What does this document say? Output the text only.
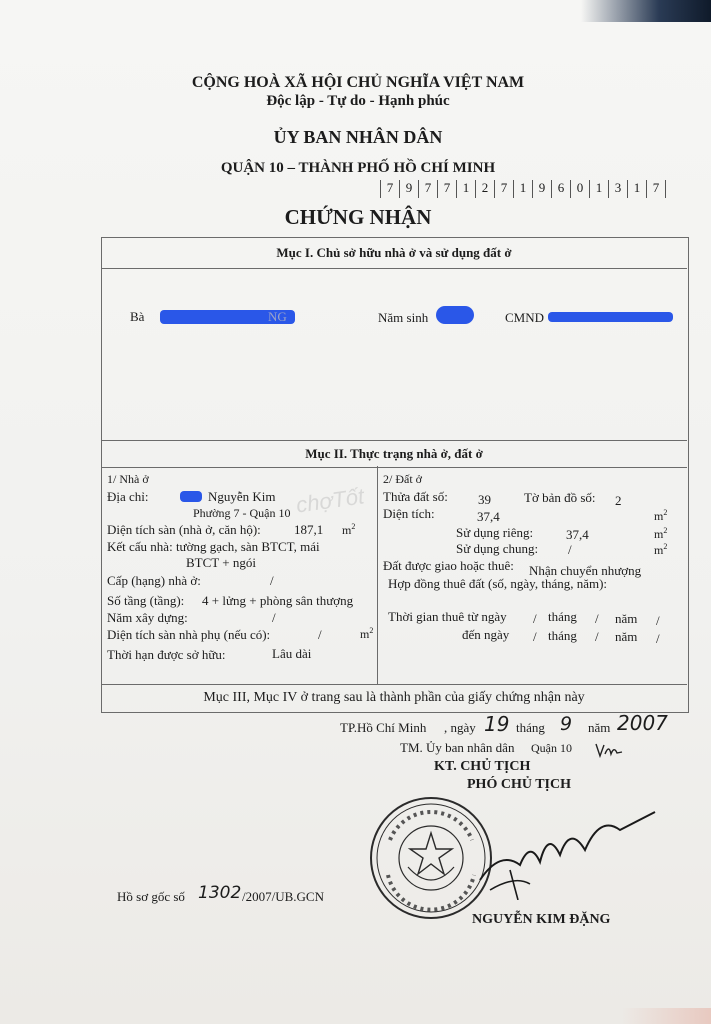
CỘNG HOÀ XÃ HỘI CHỦ NGHĨA VIỆT NAM
Độc lập - Tự do - Hạnh phúc
ỦY BAN NHÂN DÂN
QUẬN 10 – THÀNH PHỐ HỒ CHÍ MINH
7 9 7 7 1 2 7 1 9 6 0 1 3 1 7
CHỨNG NHẬN
Mục I. Chủ sở hữu nhà ở và sử dụng đất ở
Bà	NG	Năm sinh	CMND
Mục II. Thực trạng nhà ở, đất ở
1/ Nhà ở
Địa chỉ:	Nguyễn Kim
Phường 7 - Quận 10
Diện tích sàn (nhà ở, căn hộ):	187,1 $m^2$
Kết cấu nhà: tường gạch, sàn BTCT, mái
BTCT + ngói
Cấp (hạng) nhà ở:	/
Số tầng (tầng): 4 + lửng + phòng sân thượng
Năm xây dựng:	/
Diện tích sàn nhà phụ (nếu có):	/	$m^2$
Thời hạn được sở hữu:	Lâu dài
2/ Đất ở
Thửa đất số: 39	Tờ bản đồ số: 2
Diện tích:	37,4	$m^2$
Sử dụng riêng:	37,4	$m^2$
Sử dụng chung: /	$m^2$
Đất được giao hoặc thuê: Nhận chuyển nhượng
Hợp đồng thuê đất (số, ngày, tháng, năm):
Thời gian thuê từ ngày / tháng / năm /
đến ngày / tháng / năm /
chợTốt
Mục III, Mục IV ở trang sau là thành phần của giấy chứng nhận này
TP.Hồ Chí Minh , ngày 19 tháng 9 năm 2007
TM. Ủy ban nhân dân Quận 10
KT. CHỦ TỊCH
PHÓ CHỦ TỊCH
NGUYỄN KIM ĐẶNG
Hồ sơ gốc số 1302 /2007/UB.GCN
